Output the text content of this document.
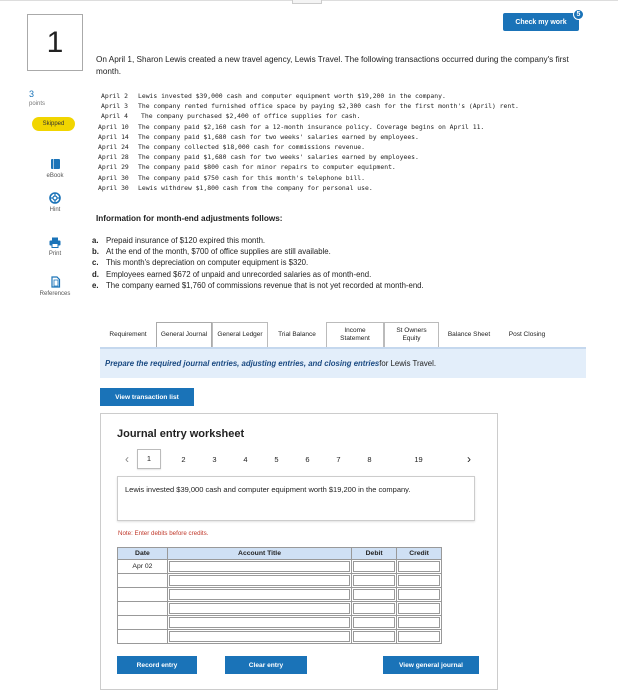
Check my work
5
1
3
points
Skipped
eBook
Hint
Print
References
On April 1, Sharon Lewis created a new travel agency, Lewis Travel. The following transactions occurred during the company's first month.
April 2	Lewis invested $39,000 cash and computer equipment worth $19,200 in the company.
April 3	The company rented furnished office space by paying $2,300 cash for the first month's (April) rent.
April 4	The company purchased $2,400 of office supplies for cash.
April 10	The company paid $2,160 cash for a 12-month insurance policy. Coverage begins on April 11.
April 14	The company paid $1,680 cash for two weeks' salaries earned by employees.
April 24	The company collected $18,000 cash for commissions revenue.
April 28	The company paid $1,680 cash for two weeks' salaries earned by employees.
April 29	The company paid $800 cash for minor repairs to computer equipment.
April 30	The company paid $750 cash for this month's telephone bill.
April 30	Lewis withdrew $1,800 cash from the company for personal use.
Information for month-end adjustments follows:
a. Prepaid insurance of $120 expired this month.
b. At the end of the month, $700 of office supplies are still available.
c. This month's depreciation on computer equipment is $320.
d. Employees earned $672 of unpaid and unrecorded salaries as of month-end.
e. The company earned $1,760 of commissions revenue that is not yet recorded at month-end.
Requirement	General Journal	General Ledger	Trial Balance	Income Statement
St Owners Equity
Balance Sheet	Post Closing
Prepare the required journal entries, adjusting entries, and closing entries for Lewis Travel.
View transaction list
Journal entry worksheet
‹	1	2	3	4	5	6	7	8	19	›
Lewis invested $39,000 cash and computer equipment worth $19,200 in the company.
Note: Enter debits before credits.
Date	Account Title	Debit	Credit
Apr 02	

Record entry	Clear entry	View general journal
